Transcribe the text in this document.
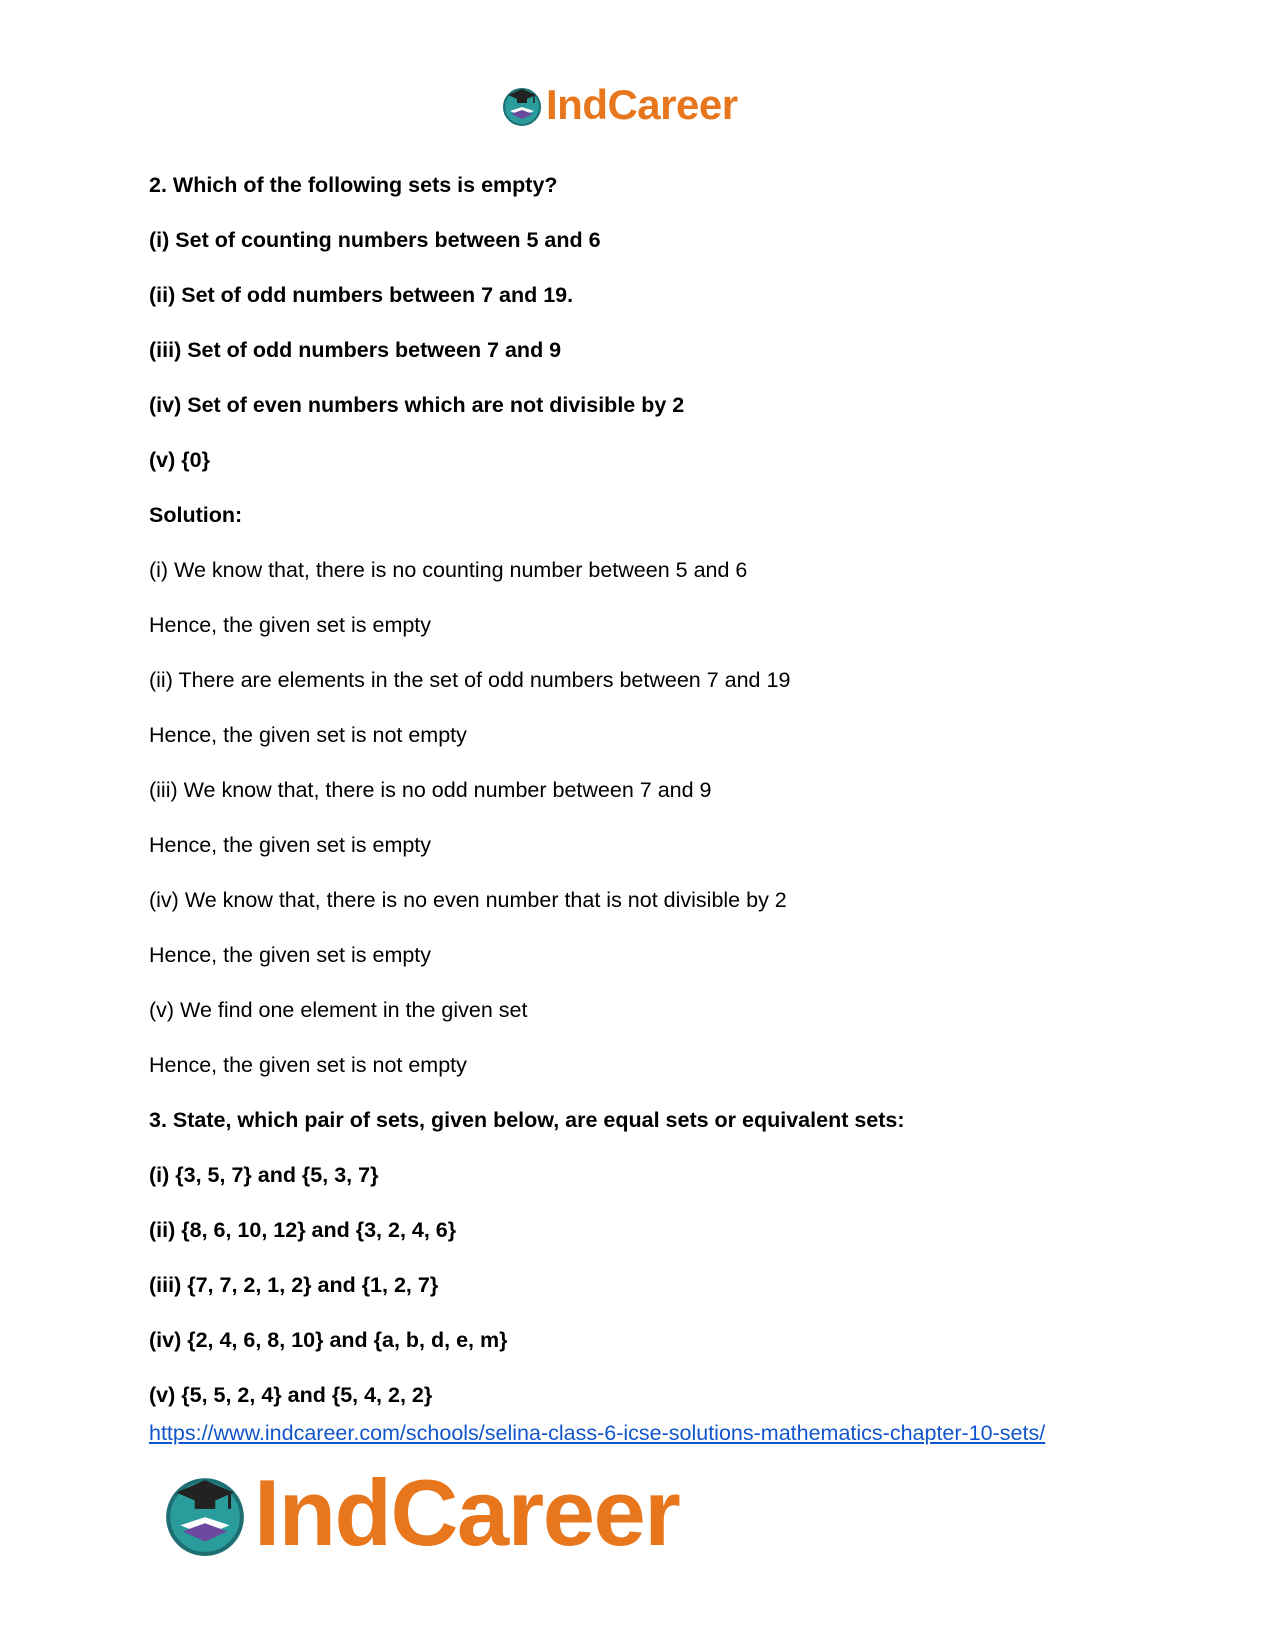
IndCareer

2. Which of the following sets is empty?

(i) Set of counting numbers between 5 and 6

(ii) Set of odd numbers between 7 and 19.

(iii) Set of odd numbers between 7 and 9

(iv) Set of even numbers which are not divisible by 2

(v) {0}

Solution:

(i) We know that, there is no counting number between 5 and 6

Hence, the given set is empty

(ii) There are elements in the set of odd numbers between 7 and 19

Hence, the given set is not empty

(iii) We know that, there is no odd number between 7 and 9

Hence, the given set is empty

(iv) We know that, there is no even number that is not divisible by 2

Hence, the given set is empty

(v) We find one element in the given set

Hence, the given set is not empty

3. State, which pair of sets, given below, are equal sets or equivalent sets:

(i) {3, 5, 7} and {5, 3, 7}

(ii) {8, 6, 10, 12} and {3, 2, 4, 6}

(iii) {7, 7, 2, 1, 2} and {1, 2, 7}

(iv) {2, 4, 6, 8, 10} and {a, b, d, e, m}

(v) {5, 5, 2, 4} and {5, 4, 2, 2}

https://www.indcareer.com/schools/selina-class-6-icse-solutions-mathematics-chapter-10-sets/
IndCareer
